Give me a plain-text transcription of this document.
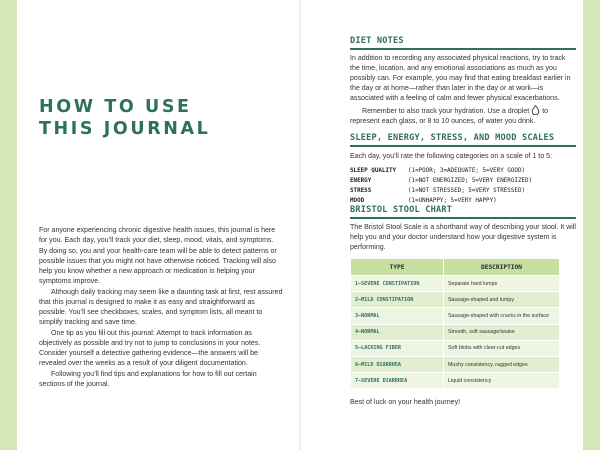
HOW TO USE
THIS JOURNAL

For anyone experiencing chronic digestive health issues, this journal is here for you. Each day, you’ll track your diet, sleep, mood, vitals, and symptoms. By doing so, you and your health-care team will be able to detect patterns or possible issues that you might not have otherwise noticed. Tracking will also help you know whether a new approach or medication is helping your symptoms improve.

Although daily tracking may seem like a daunting task at first, rest assured that this journal is designed to make it as easy and straightforward as possible. You’ll see checkboxes, scales, and symptom lists, all meant to simplify tracking and save time.

One tip as you fill out this journal: Attempt to track information as objectively as possible and try not to jump to conclusions in your notes. Consider yourself a detective gathering evidence—the answers will be revealed over the weeks as a result of your diligent documentation.

Following you’ll find tips and explanations for how to fill out certain sections of the journal.

DIET NOTES

In addition to recording any associated physical reactions, try to track the time, location, and any emotional associations as much as you possibly can. For example, you may find that eating breakfast earlier in the day or at home—rather than later in the day or at work—is associated with a feeling of calm and fewer physical exacerbations.

Remember to also track your hydration. Use a droplet to represent each glass, or 8 to 10 ounces, of water you drink.

SLEEP, ENERGY, STRESS, AND MOOD SCALES
Each day, you’ll rate the following categories on a scale of 1 to 5:
SLEEP QUALITY	(1=POOR; 3=ADEQUATE; 5=VERY GOOD)
ENERGY	(1=NOT ENERGIZED; 5=VERY ENERGIZED)
STRESS	(1=NOT STRESSED; 5=VERY STRESSED)
MOOD	(1=UNHAPPY; 5=VERY HAPPY)
BRISTOL STOOL CHART
The Bristol Stool Scale is a shorthand way of describing your stool. It will help you and your doctor understand how your digestive system is performing.
TYPE	DESCRIPTION
1—SEVERE CONSTIPATION	Separate hard lumps
2—MILD CONSTIPATION	Sausage-shaped and lumpy
3—NORMAL	Sausage-shaped with cracks in the surface
4—NORMAL	Smooth, soft sausage/snake
5—LACKING FIBER	Soft blobs with clear-cut edges
6—MILD DIARRHEA	Mushy consistency, ragged edges
7—SEVERE DIARRHEA	Liquid consistency
Best of luck on your health journey!
